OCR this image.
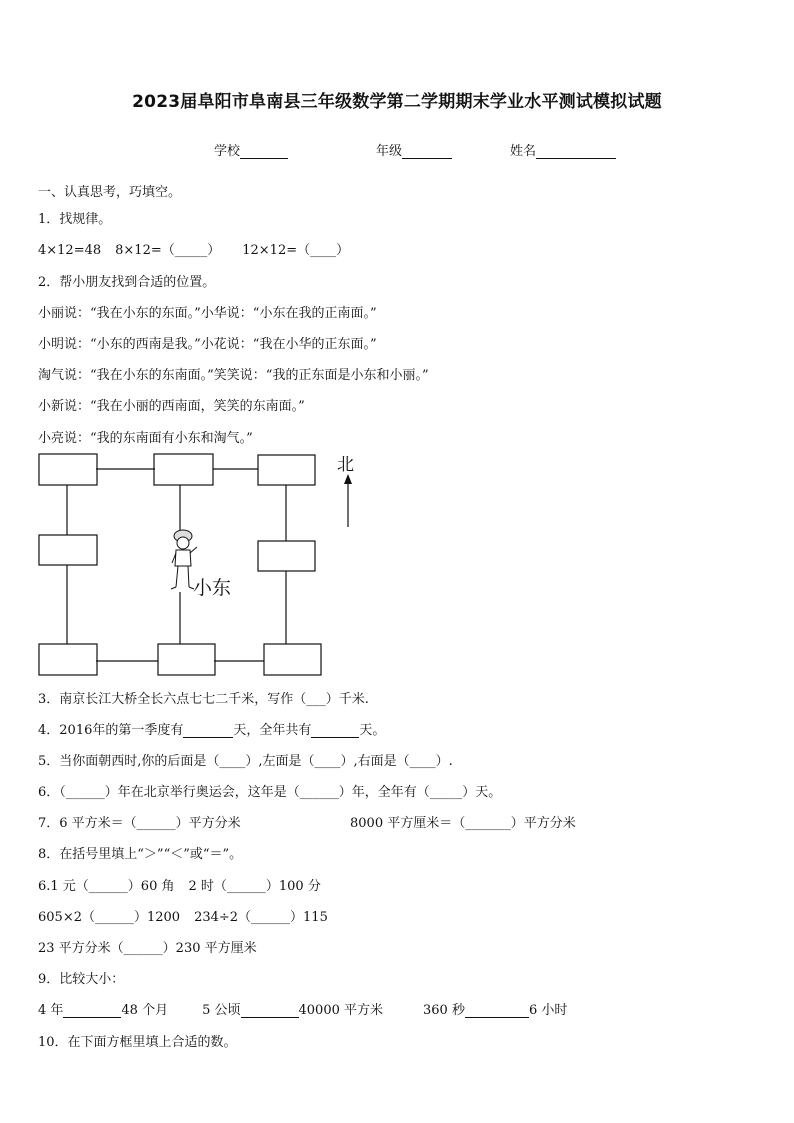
2023届阜阳市阜南县三年级数学第二学期期末学业水平测试模拟试题
学校	年级	姓名
一、认真思考，巧填空。
1．找规律。
4×12=48 8×12=（_____） 12×12=（____）
2．帮小朋友找到合适的位置。
小丽说：“我在小东的东面。”小华说：“小东在我的正南面。”
小明说：“小东的西南是我。”小花说：“我在小华的正东面。”
淘气说：“我在小东的东南面。”笑笑说：“我的正东面是小东和小丽。”
小新说：“我在小丽的西南面，笑笑的东南面。”
小亮说：“我的东南面有小东和淘气。”
北
小东
3．南京长江大桥全长六点七七二千米，写作（___）千米.
4．2016年的第一季度有	天，全年共有	天。
5．当你面朝西时,你的后面是（____）,左面是（____）,右面是（____）.
6．（______）年在北京举行奥运会，这年是（______）年，全年有（_____）天。
7．6 平方米＝（______）平方分米	8000 平方厘米＝（_______）平方分米
8．在括号里填上“＞”“＜”或“＝”。
6.1 元（______）60 角 2 时（______）100 分
605×2（______）1200 234÷2（______）115
23 平方分米（______）230 平方厘米
9．比较大小：
4 年	48 个月	5 公顷	40000 平方米	360 秒	6 小时
10．在下面方框里填上合适的数。
